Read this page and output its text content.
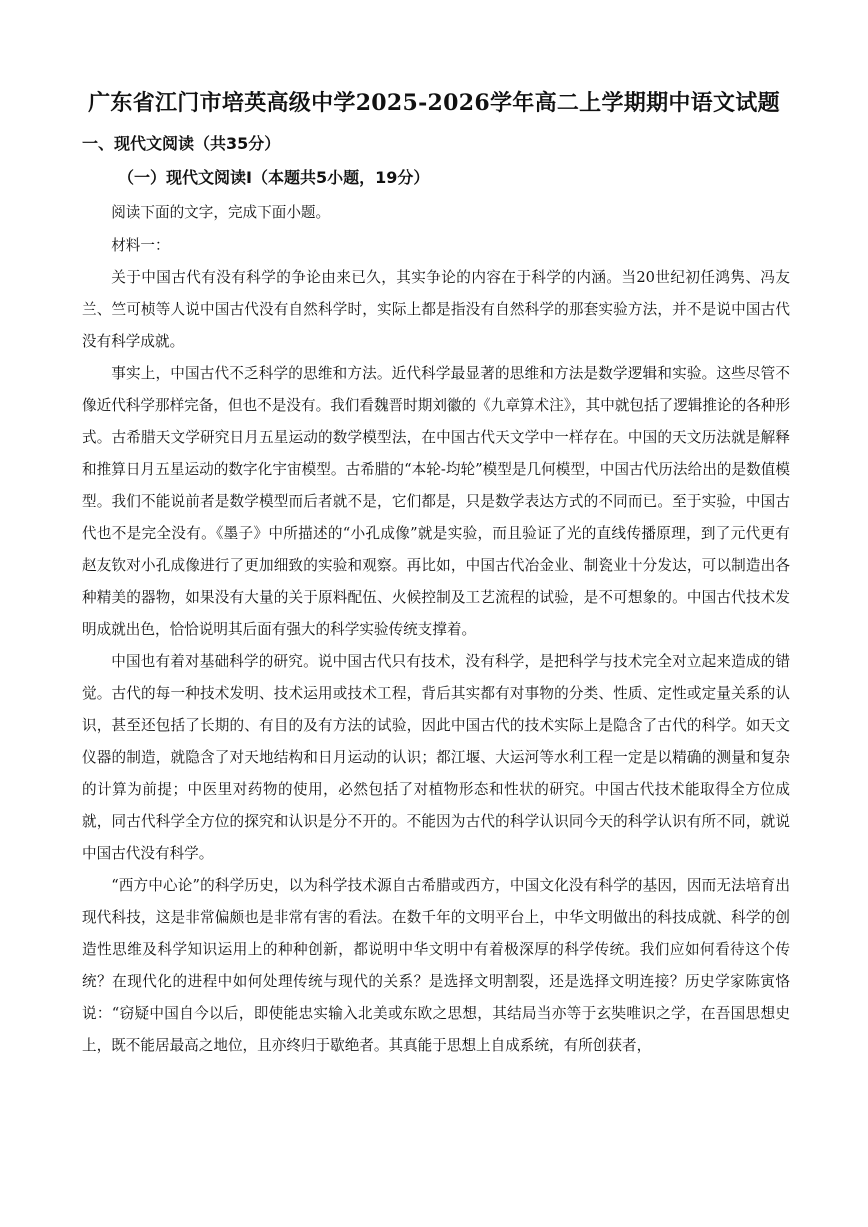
广东省江门市培英高级中学2025-2026学年高二上学期期中语文试题
一、现代文阅读（共35分）
（一）现代文阅读Ⅰ（本题共5小题，19分）
阅读下面的文字，完成下面小题。
材料一：

关于中国古代有没有科学的争论由来已久，其实争论的内容在于科学的内涵。当20世纪初任鸿隽、冯友兰、竺可桢等人说中国古代没有自然科学时，实际上都是指没有自然科学的那套实验方法，并不是说中国古代没有科学成就。

事实上，中国古代不乏科学的思维和方法。近代科学最显著的思维和方法是数学逻辑和实验。这些尽管不像近代科学那样完备，但也不是没有。我们看魏晋时期刘徽的《九章算术注》，其中就包括了逻辑推论的各种形式。古希腊天文学研究日月五星运动的数学模型法，在中国古代天文学中一样存在。中国的天文历法就是解释和推算日月五星运动的数字化宇宙模型。古希腊的“本轮-均轮”模型是几何模型，中国古代历法给出的是数值模型。我们不能说前者是数学模型而后者就不是，它们都是，只是数学表达方式的不同而已。至于实验，中国古代也不是完全没有。《墨子》中所描述的“小孔成像”就是实验，而且验证了光的直线传播原理，到了元代更有赵友钦对小孔成像进行了更加细致的实验和观察。再比如，中国古代冶金业、制瓷业十分发达，可以制造出各种精美的器物，如果没有大量的关于原料配伍、火候控制及工艺流程的试验，是不可想象的。中国古代技术发明成就出色，恰恰说明其后面有强大的科学实验传统支撑着。

中国也有着对基础科学的研究。说中国古代只有技术，没有科学，是把科学与技术完全对立起来造成的错觉。古代的每一种技术发明、技术运用或技术工程，背后其实都有对事物的分类、性质、定性或定量关系的认识，甚至还包括了长期的、有目的及有方法的试验，因此中国古代的技术实际上是隐含了古代的科学。如天文仪器的制造，就隐含了对天地结构和日月运动的认识；都江堰、大运河等水利工程一定是以精确的测量和复杂的计算为前提；中医里对药物的使用，必然包括了对植物形态和性状的研究。中国古代技术能取得全方位成就，同古代科学全方位的探究和认识是分不开的。不能因为古代的科学认识同今天的科学认识有所不同，就说中国古代没有科学。

“西方中心论”的科学历史，以为科学技术源自古希腊或西方，中国文化没有科学的基因，因而无法培育出现代科技，这是非常偏颇也是非常有害的看法。在数千年的文明平台上，中华文明做出的科技成就、科学的创造性思维及科学知识运用上的种种创新，都说明中华文明中有着极深厚的科学传统。我们应如何看待这个传统？在现代化的进程中如何处理传统与现代的关系？是选择文明割裂，还是选择文明连接？历史学家陈寅恪说：“窃疑中国自今以后，即使能忠实输入北美或东欧之思想，其结局当亦等于玄奘唯识之学，在吾国思想史上，既不能居最高之地位，且亦终归于歇绝者。其真能于思想上自成系统，有所创获者，
